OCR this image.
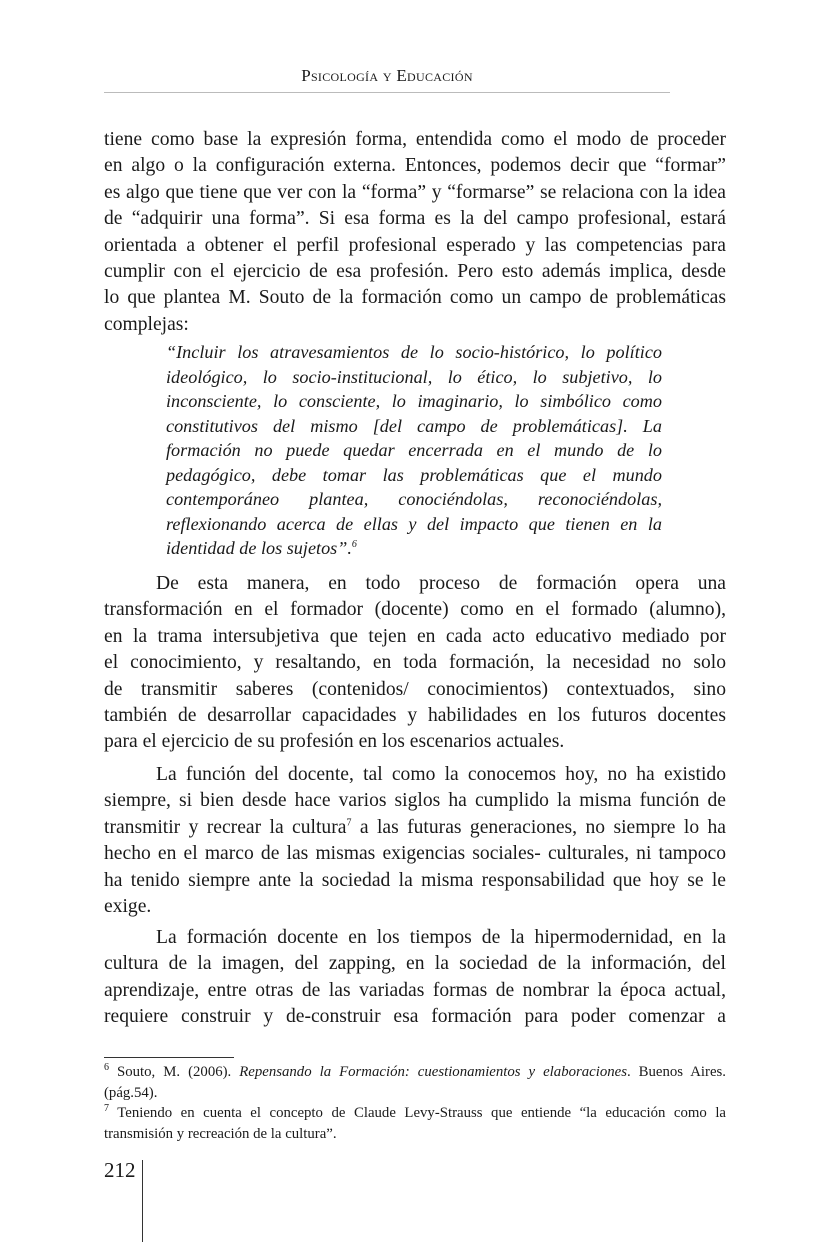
Psicología y Educación
tiene como base la expresión forma, entendida como el modo de proceder
en algo o la configuración externa. Entonces, podemos decir que “formar”
es algo que tiene que ver con la “forma” y “formarse” se relaciona con la idea
de “adquirir una forma”. Si esa forma es la del campo profesional, estará
orientada a obtener el perfil profesional esperado y las competencias para
cumplir con el ejercicio de esa profesión. Pero esto además implica, desde
lo que plantea M. Souto de la formación como un campo de problemáticas
complejas:
“Incluir los atravesamientos de lo socio-histórico, lo político
ideológico, lo socio-institucional, lo ético, lo subjetivo, lo
inconsciente, lo consciente, lo imaginario, lo simbólico como
constitutivos del mismo [del campo de problemáticas]. La
formación no puede quedar encerrada en el mundo de lo
pedagógico, debe tomar las problemáticas que el mundo
contemporáneo plantea, conociéndolas, reconociéndolas,
reflexionando acerca de ellas y del impacto que tienen en la
identidad de los sujetos”.$^6$
De esta manera, en todo proceso de formación opera una
transformación en el formador (docente) como en el formado (alumno),
en la trama intersubjetiva que tejen en cada acto educativo mediado por
el conocimiento, y resaltando, en toda formación, la necesidad no solo
de transmitir saberes (contenidos/ conocimientos) contextuados, sino
también de desarrollar capacidades y habilidades en los futuros docentes
para el ejercicio de su profesión en los escenarios actuales.
La función del docente, tal como la conocemos hoy, no ha existido
siempre, si bien desde hace varios siglos ha cumplido la misma función de
transmitir y recrear la cultura$^7$ a las futuras generaciones, no siempre lo ha
hecho en el marco de las mismas exigencias sociales- culturales, ni tampoco
ha tenido siempre ante la sociedad la misma responsabilidad que hoy se le
exige.
La formación docente en los tiempos de la hipermodernidad, en la
cultura de la imagen, del zapping, en la sociedad de la información, del
aprendizaje, entre otras de las variadas formas de nombrar la época actual,
requiere construir y de-construir esa formación para poder comenzar a
$^6$ Souto, M. (2006). Repensando la Formación: cuestionamientos y elaboraciones. Buenos Aires.
(pág.54).
$^7$ Teniendo en cuenta el concepto de Claude Levy-Strauss que entiende “la educación como la
transmisión y recreación de la cultura”.
212
